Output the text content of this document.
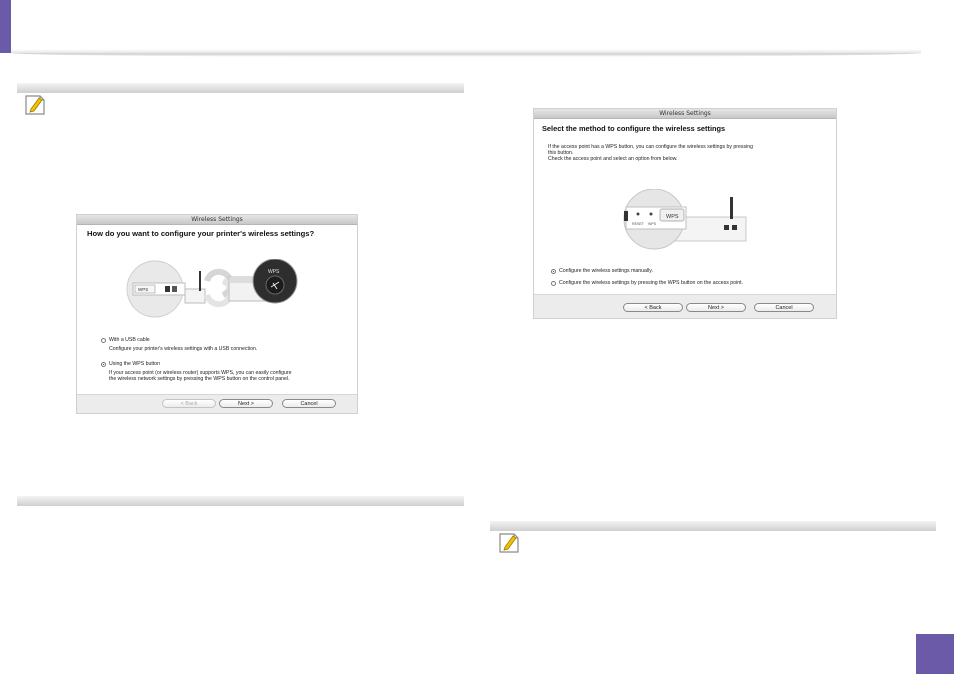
Wireless Settings
How do you want to configure your printer's wireless settings?
WPS
WPS
With a USB cable
Configure your printer's wireless settings with a USB connection.
Using the WPS button
If your access point (or wireless router) supports WPS, you can easily configure
the wireless network settings by pressing the WPS button on the control panel.
< Back	Next >	Cancel
Wireless Settings
Select the method to configure the wireless settings
If the access point has a WPS button, you can configure the wireless settings by pressing
this button.
Check the access point and select an option from below.
RESET WPS
WPS
Configure the wireless settings manually.
Configure the wireless settings by pressing the WPS button on the access point.
< Back	Next >	Cancel
